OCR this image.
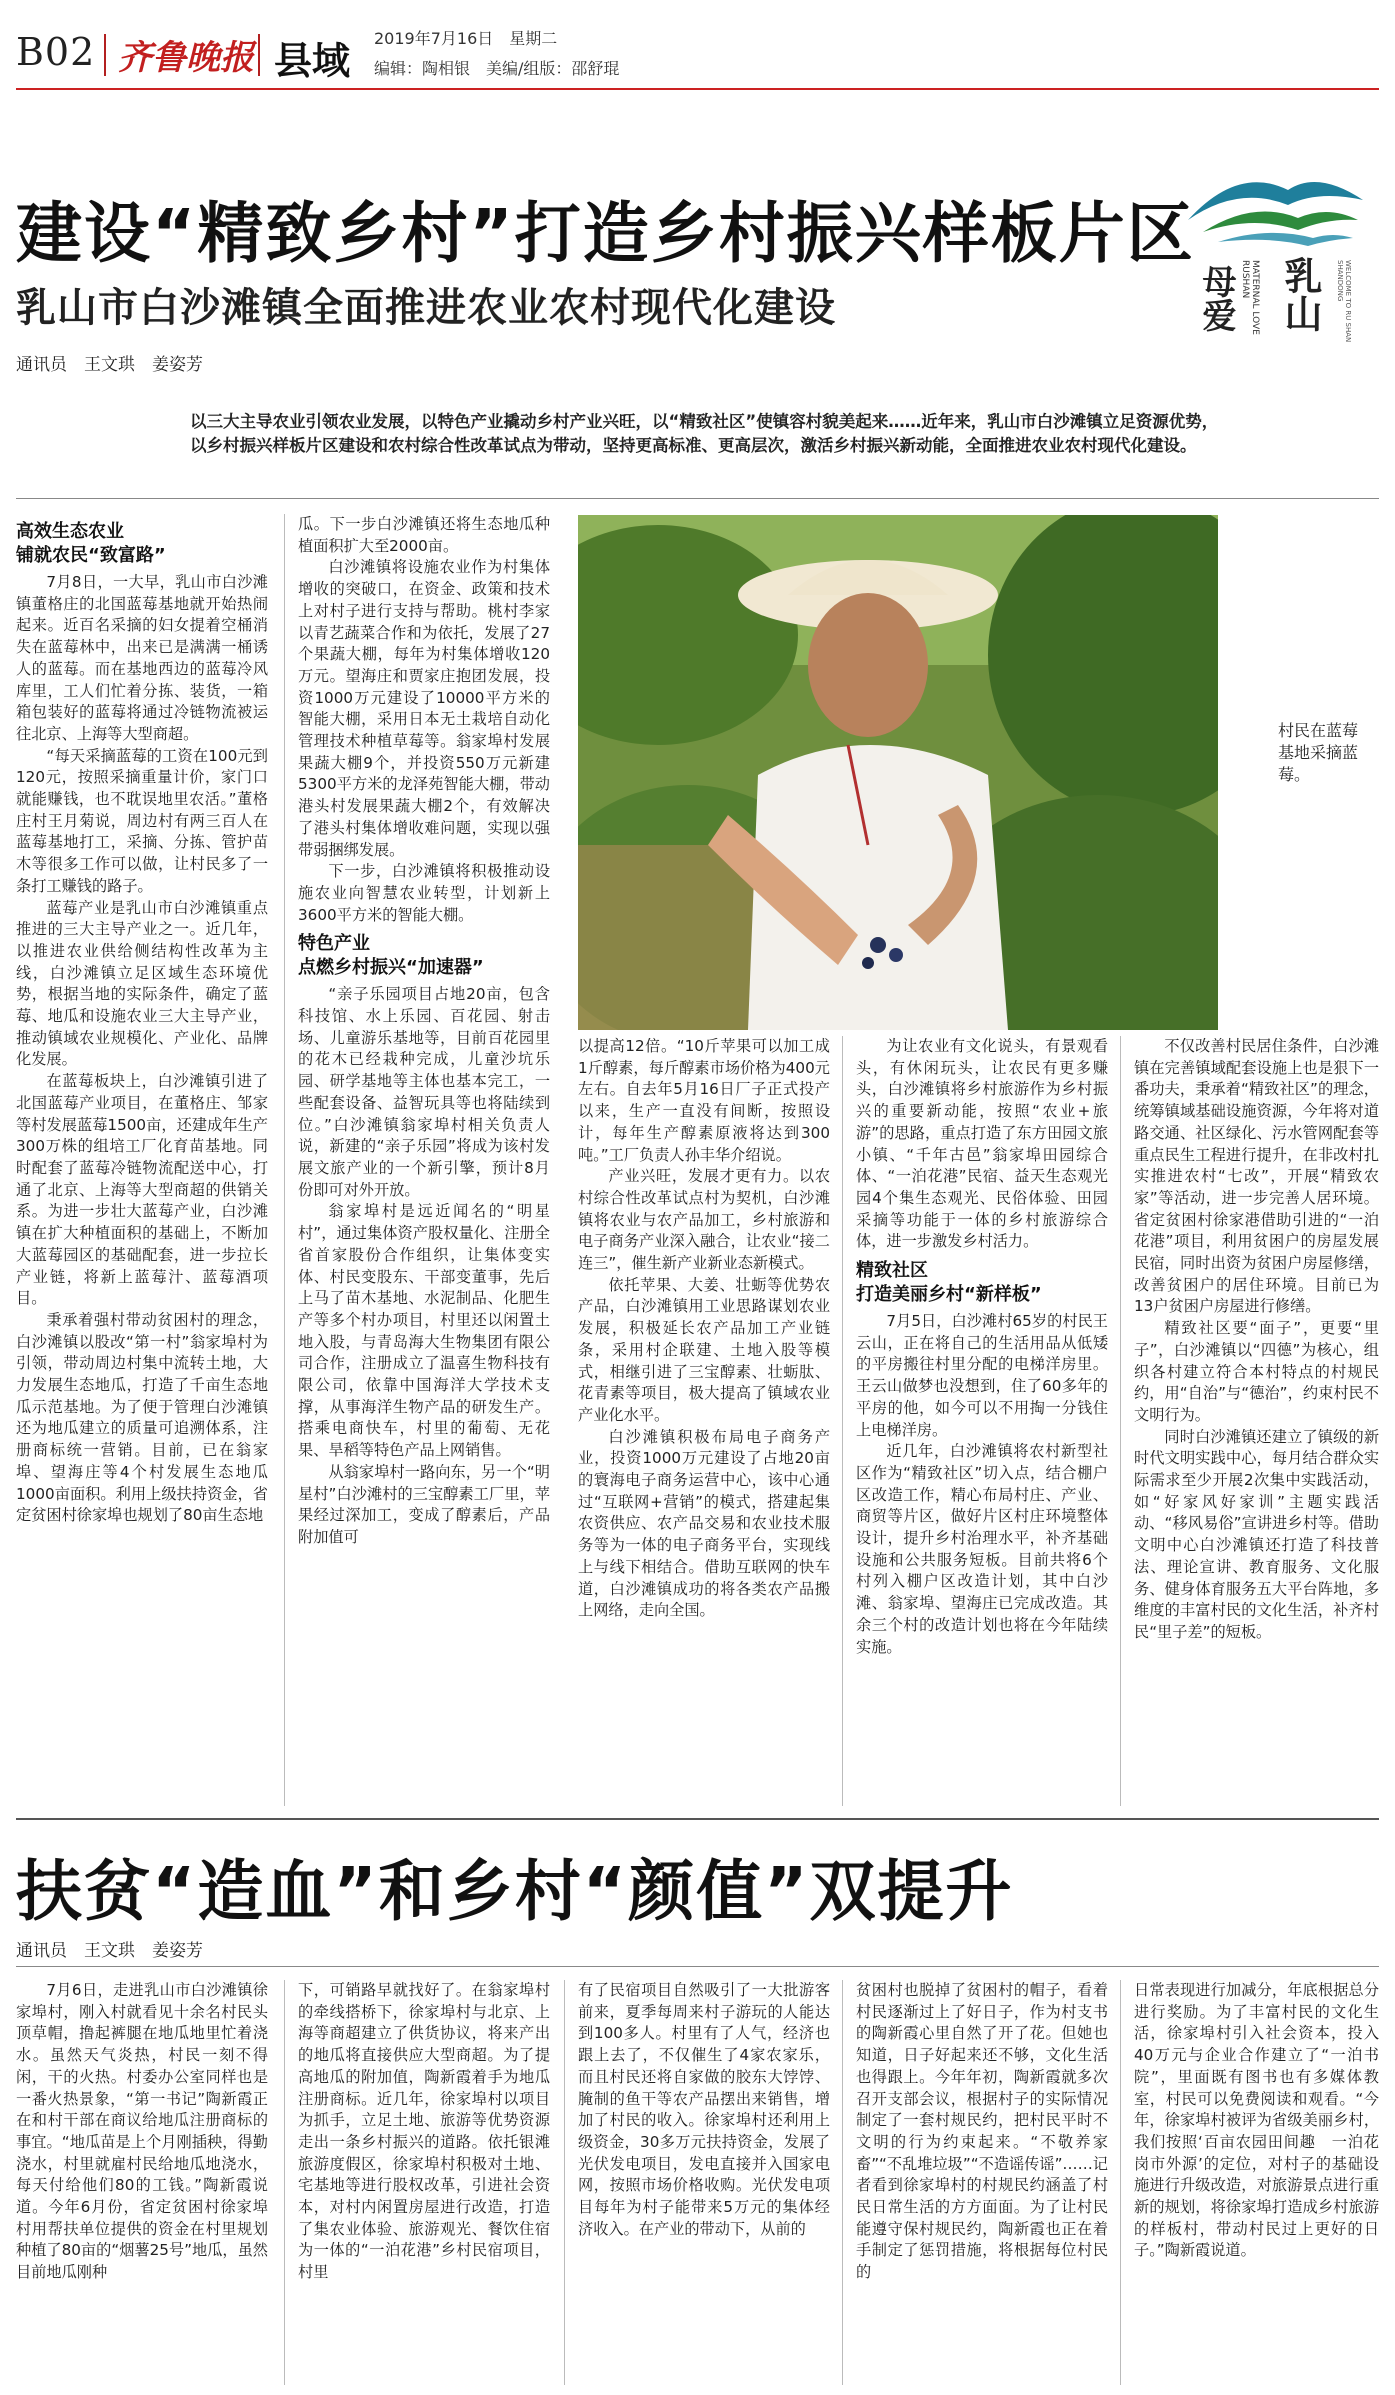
B02 齐鲁晚报 县域
2019年7月16日　星期二
编辑：陶相银　美编/组版：邵舒琨
建设“精致乡村”打造乡村振兴样板片区
乳山市白沙滩镇全面推进农业农村现代化建设
通讯员　王文珙　姜姿芳
乳山
母爱	MATERNAL LOVE RUSHAN	WELCOME TO RU SHAN SHANDONG
以三大主导农业引领农业发展，以特色产业撬动乡村产业兴旺，以“精致社区”使镇容村貌美起来……近年来，乳山市白沙滩镇立足资源优势，以乡村振兴样板片区建设和农村综合性改革试点为带动，坚持更高标准、更高层次，激活乡村振兴新动能，全面推进农业农村现代化建设。
高效生态农业
铺就农民“致富路”

7月8日，一大早，乳山市白沙滩镇董格庄的北国蓝莓基地就开始热闹起来。近百名采摘的妇女提着空桶消失在蓝莓林中，出来已是满满一桶诱人的蓝莓。而在基地西边的蓝莓冷风库里，工人们忙着分拣、装货，一箱箱包装好的蓝莓将通过冷链物流被运往北京、上海等大型商超。

“每天采摘蓝莓的工资在100元到120元，按照采摘重量计价，家门口就能赚钱，也不耽误地里农活。”董格庄村王月菊说，周边村有两三百人在蓝莓基地打工，采摘、分拣、管护苗木等很多工作可以做，让村民多了一条打工赚钱的路子。

蓝莓产业是乳山市白沙滩镇重点推进的三大主导产业之一。近几年，以推进农业供给侧结构性改革为主线，白沙滩镇立足区域生态环境优势，根据当地的实际条件，确定了蓝莓、地瓜和设施农业三大主导产业，推动镇域农业规模化、产业化、品牌化发展。

在蓝莓板块上，白沙滩镇引进了北国蓝莓产业项目，在董格庄、邹家等村发展蓝莓1500亩，还建成年生产300万株的组培工厂化育苗基地。同时配套了蓝莓冷链物流配送中心，打通了北京、上海等大型商超的供销关系。为进一步壮大蓝莓产业，白沙滩镇在扩大种植面积的基础上，不断加大蓝莓园区的基础配套，进一步拉长产业链，将新上蓝莓汁、蓝莓酒项目。

秉承着强村带动贫困村的理念，白沙滩镇以股改“第一村”翁家埠村为引领，带动周边村集中流转土地，大力发展生态地瓜，打造了千亩生态地瓜示范基地。为了便于管理白沙滩镇还为地瓜建立的质量可追溯体系，注册商标统一营销。目前，已在翁家埠、望海庄等4个村发展生态地瓜1000亩面积。利用上级扶持资金，省定贫困村徐家埠也规划了80亩生态地

瓜。下一步白沙滩镇还将生态地瓜种植面积扩大至2000亩。

白沙滩镇将设施农业作为村集体增收的突破口，在资金、政策和技术上对村子进行支持与帮助。桃村李家以青艺蔬菜合作和为依托，发展了27个果蔬大棚，每年为村集体增收120万元。望海庄和贾家庄抱团发展，投资1000万元建设了10000平方米的智能大棚，采用日本无土栽培自动化管理技术种植草莓等。翁家埠村发展果蔬大棚9个，并投资550万元新建5300平方米的龙泽苑智能大棚，带动港头村发展果蔬大棚2个，有效解决了港头村集体增收难问题，实现以强带弱捆绑发展。

下一步，白沙滩镇将积极推动设施农业向智慧农业转型，计划新上3600平方米的智能大棚。

特色产业
点燃乡村振兴“加速器”

“亲子乐园项目占地20亩，包含科技馆、水上乐园、百花园、射击场、儿童游乐基地等，目前百花园里的花木已经栽种完成，儿童沙坑乐园、研学基地等主体也基本完工，一些配套设备、益智玩具等也将陆续到位。”白沙滩镇翁家埠村相关负责人说，新建的“亲子乐园”将成为该村发展文旅产业的一个新引擎，预计8月份即可对外开放。

翁家埠村是远近闻名的“明星村”，通过集体资产股权量化、注册全省首家股份合作组织，让集体变实体、村民变股东、干部变董事，先后上马了苗木基地、水泥制品、化肥生产等多个村办项目，村里还以闲置土地入股，与青岛海大生物集团有限公司合作，注册成立了温喜生物科技有限公司，依靠中国海洋大学技术支撑，从事海洋生物产品的研发生产。搭乘电商快车，村里的葡萄、无花果、旱稻等特色产品上网销售。

从翁家埠村一路向东，另一个“明星村”白沙滩村的三宝醇素工厂里，苹果经过深加工，变成了醇素后，产品附加值可

村民在蓝莓基地采摘蓝莓。

以提高12倍。“10斤苹果可以加工成1斤醇素，每斤醇素市场价格为400元左右。自去年5月16日厂子正式投产以来，生产一直没有间断，按照设计，每年生产醇素原液将达到300吨。”工厂负责人孙丰华介绍说。

产业兴旺，发展才更有力。以农村综合性改革试点村为契机，白沙滩镇将农业与农产品加工，乡村旅游和电子商务产业深入融合，让农业“接二连三”，催生新产业新业态新模式。

依托苹果、大姜、壮蛎等优势农产品，白沙滩镇用工业思路谋划农业发展，积极延长农产品加工产业链条，采用村企联建、土地入股等模式，相继引进了三宝醇素、壮蛎肽、花青素等项目，极大提高了镇域农业产业化水平。

白沙滩镇积极布局电子商务产业，投资1000万元建设了占地20亩的寰海电子商务运营中心，该中心通过“互联网+营销”的模式，搭建起集农资供应、农产品交易和农业技术服务等为一体的电子商务平台，实现线上与线下相结合。借助互联网的快车道，白沙滩镇成功的将各类农产品搬上网络，走向全国。

为让农业有文化说头，有景观看头，有休闲玩头，让农民有更多赚头，白沙滩镇将乡村旅游作为乡村振兴的重要新动能，按照“农业+旅游”的思路，重点打造了东方田园文旅小镇、“千年古邑”翁家埠田园综合体、“一泊花港”民宿、益天生态观光园4个集生态观光、民俗体验、田园采摘等功能于一体的乡村旅游综合体，进一步激发乡村活力。

精致社区
打造美丽乡村“新样板”

7月5日，白沙滩村65岁的村民王云山，正在将自己的生活用品从低矮的平房搬往村里分配的电梯洋房里。王云山做梦也没想到，住了60多年的平房的他，如今可以不用掏一分钱住上电梯洋房。

近几年，白沙滩镇将农村新型社区作为“精致社区”切入点，结合棚户区改造工作，精心布局村庄、产业、商贸等片区，做好片区村庄环境整体设计，提升乡村治理水平，补齐基础设施和公共服务短板。目前共将6个村列入棚户区改造计划，其中白沙滩、翁家埠、望海庄已完成改造。其余三个村的改造计划也将在今年陆续实施。

不仅改善村民居住条件，白沙滩镇在完善镇域配套设施上也是狠下一番功夫，秉承着“精致社区”的理念，统筹镇域基础设施资源，今年将对道路交通、社区绿化、污水管网配套等重点民生工程进行提升，在非改村扎实推进农村“七改”，开展“精致农家”等活动，进一步完善人居环境。省定贫困村徐家港借助引进的“一泊花港”项目，利用贫困户的房屋发展民宿，同时出资为贫困户房屋修缮，改善贫困户的居住环境。目前已为13户贫困户房屋进行修缮。

精致社区要“面子”，更要“里子”，白沙滩镇以“四德”为核心，组织各村建立符合本村特点的村规民约，用“自治”与“德治”，约束村民不文明行为。

同时白沙滩镇还建立了镇级的新时代文明实践中心，每月结合群众实际需求至少开展2次集中实践活动，如“好家风好家训”主题实践活动、“移风易俗”宣讲进乡村等。借助文明中心白沙滩镇还打造了科技普法、理论宣讲、教育服务、文化服务、健身体育服务五大平台阵地，多维度的丰富村民的文化生活，补齐村民“里子差”的短板。

扶贫“造血”和乡村“颜值”双提升
通讯员　王文珙　姜姿芳

7月6日，走进乳山市白沙滩镇徐家埠村，刚入村就看见十余名村民头顶草帽，撸起裤腿在地瓜地里忙着浇水。虽然天气炎热，村民一刻不得闲，干的火热。村委办公室同样也是一番火热景象，“第一书记”陶新霞正在和村干部在商议给地瓜注册商标的事宜。“地瓜苗是上个月刚插秧，得勤浇水，村里就雇村民给地瓜地浇水，每天付给他们80的工钱。”陶新霞说道。今年6月份，省定贫困村徐家埠村用帮扶单位提供的资金在村里规划种植了80亩的“烟薯25号”地瓜，虽然目前地瓜刚种

下，可销路早就找好了。在翁家埠村的牵线搭桥下，徐家埠村与北京、上海等商超建立了供货协议，将来产出的地瓜将直接供应大型商超。为了提高地瓜的附加值，陶新霞着手为地瓜注册商标。近几年，徐家埠村以项目为抓手，立足土地、旅游等优势资源走出一条乡村振兴的道路。依托银滩旅游度假区，徐家埠村积极对土地、宅基地等进行股权改革，引进社会资本，对村内闲置房屋进行改造，打造了集农业体验、旅游观光、餐饮住宿为一体的“一泊花港”乡村民宿项目，村里

有了民宿项目自然吸引了一大批游客前来，夏季每周来村子游玩的人能达到100多人。村里有了人气，经济也跟上去了，不仅催生了4家农家乐，而且村民还将自家做的胶东大饽饽、腌制的鱼干等农产品摆出来销售，增加了村民的收入。徐家埠村还利用上级资金，30多万元扶持资金，发展了光伏发电项目，发电直接并入国家电网，按照市场价格收购。光伏发电项目每年为村子能带来5万元的集体经济收入。在产业的带动下，从前的

贫困村也脱掉了贫困村的帽子，看着村民逐渐过上了好日子，作为村支书的陶新霞心里自然了开了花。但她也知道，日子好起来还不够，文化生活也得跟上。今年年初，陶新霞就多次召开支部会议，根据村子的实际情况制定了一套村规民约，把村民平时不文明的行为约束起来。“不敬养家畜”“不乱堆垃圾”“不造谣传谣”……记者看到徐家埠村的村规民约涵盖了村民日常生活的方方面面。为了让村民能遵守保村规民约，陶新霞也正在着手制定了惩罚措施，将根据每位村民的

日常表现进行加减分，年底根据总分进行奖励。为了丰富村民的文化生活，徐家埠村引入社会资本，投入40万元与企业合作建立了“一泊书院”，里面既有图书也有多媒体教室，村民可以免费阅读和观看。“今年，徐家埠村被评为省级美丽乡村，我们按照‘百亩农园田间趣　一泊花岗市外源’的定位，对村子的基础设施进行升级改造，对旅游景点进行重新的规划，将徐家埠打造成乡村旅游的样板村，带动村民过上更好的日子。”陶新霞说道。
